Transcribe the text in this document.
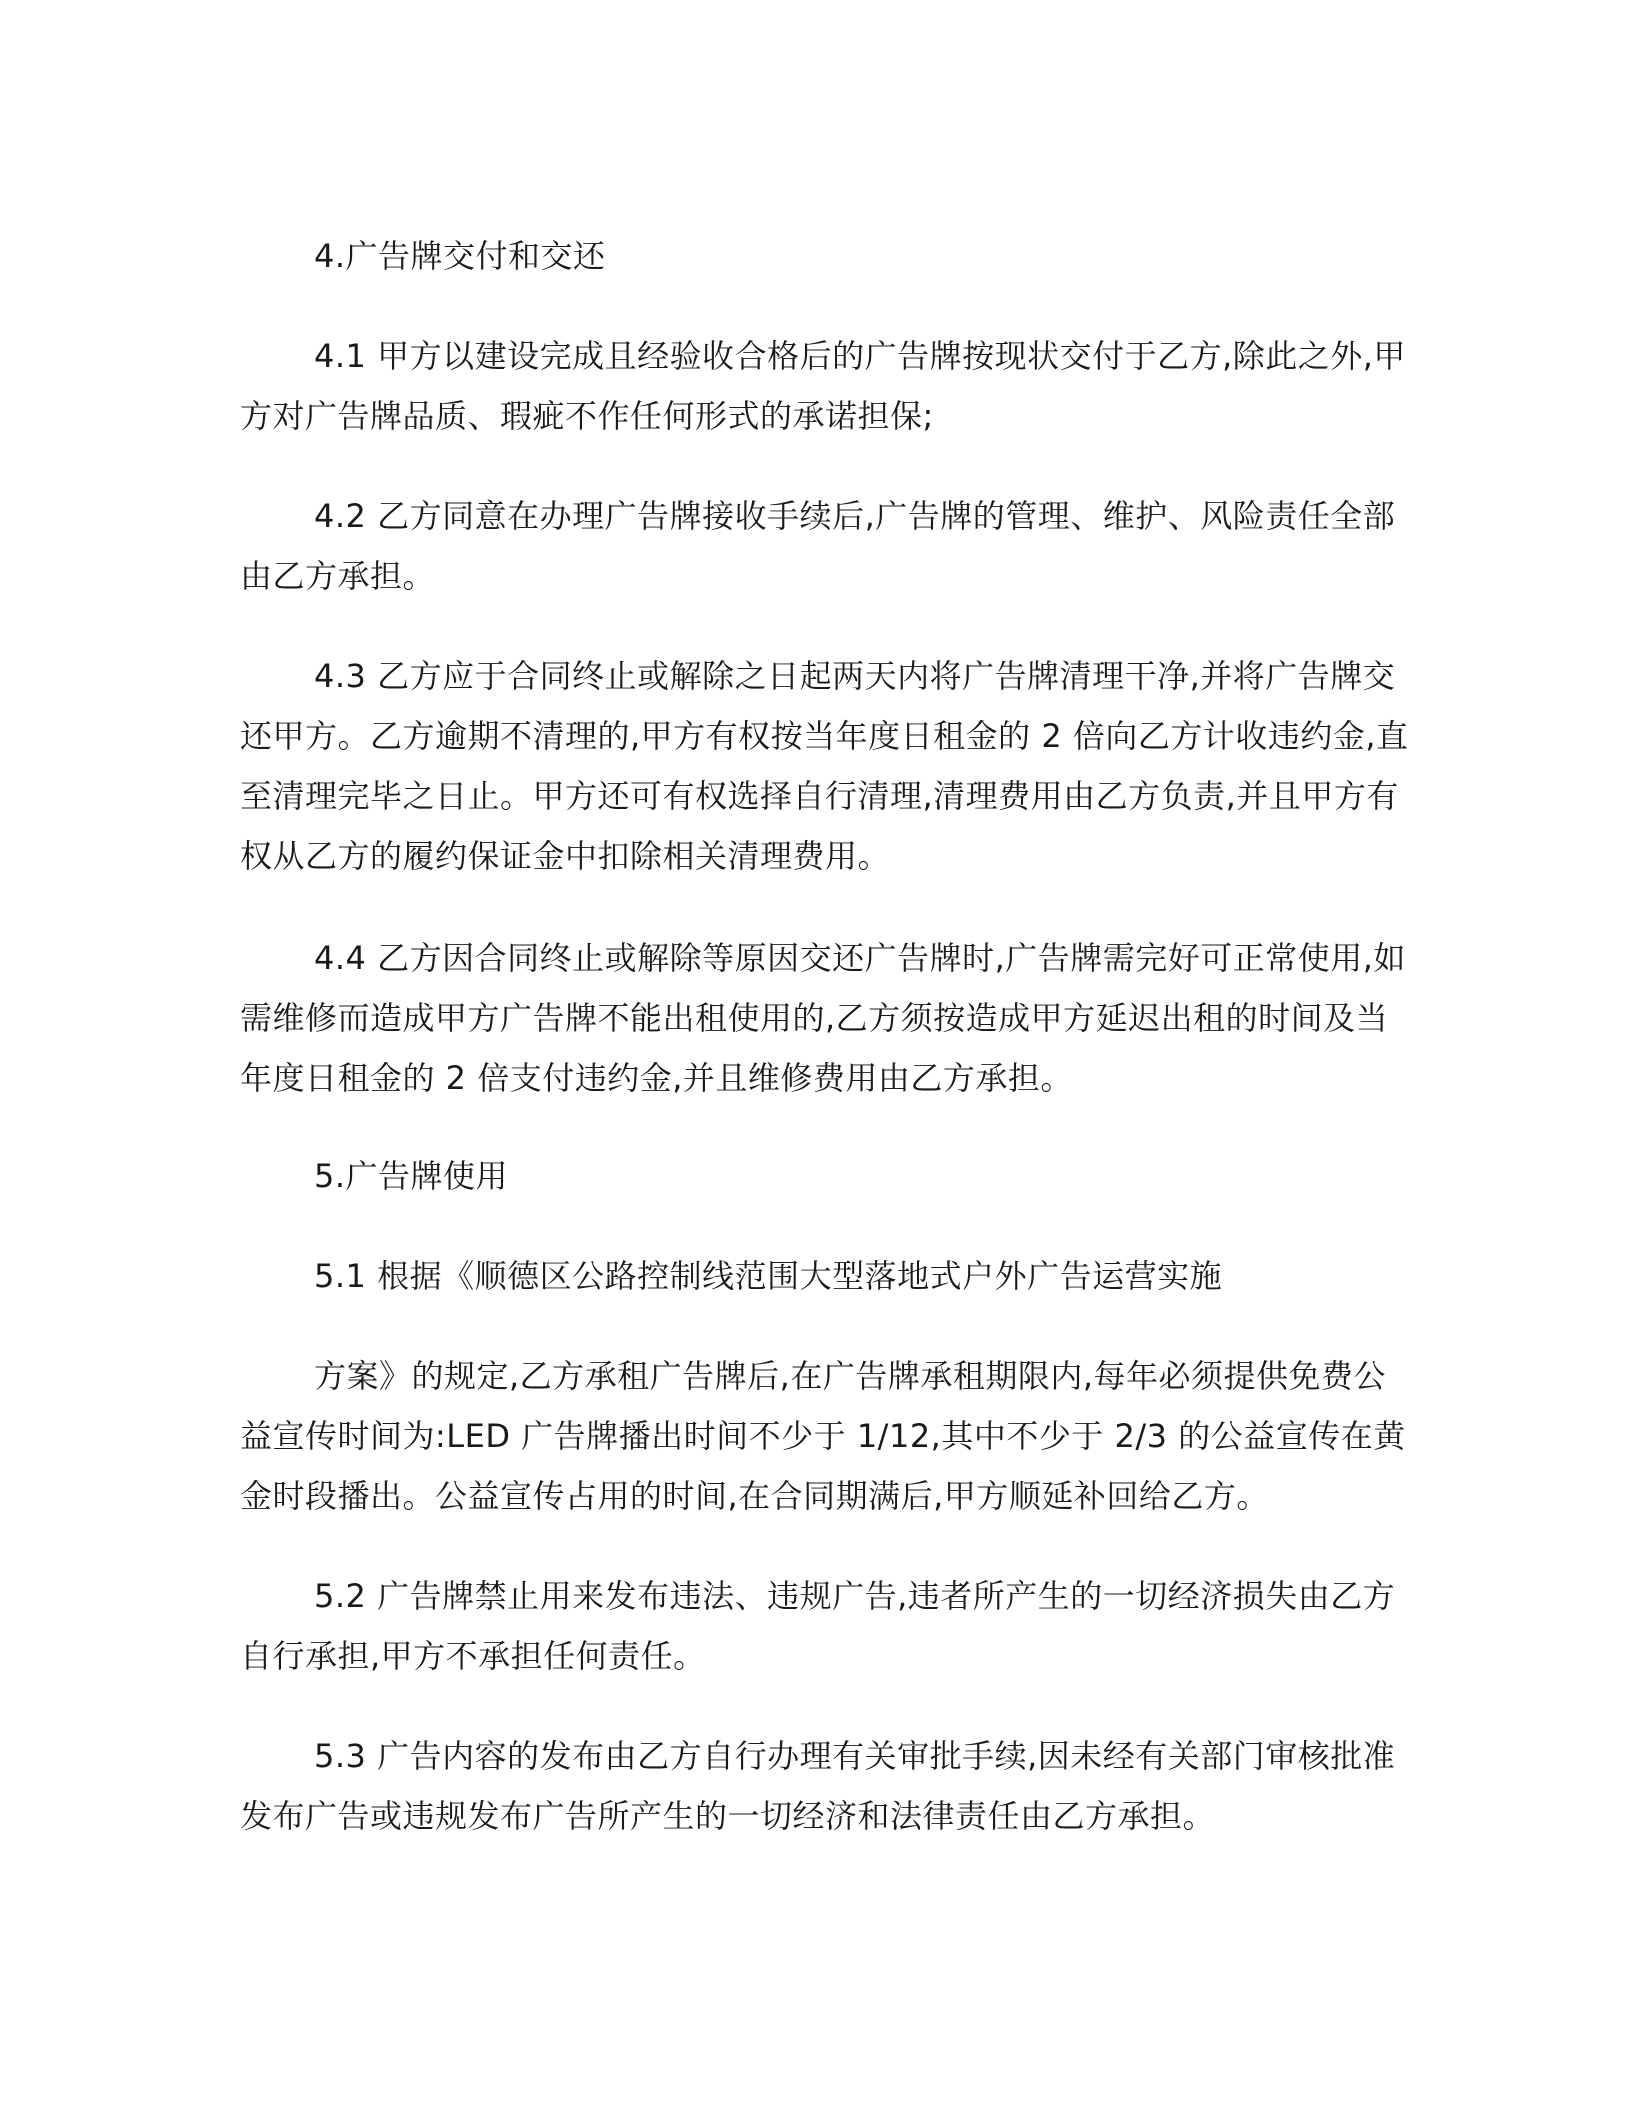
4.广告牌交付和交还
4.1 甲方以建设完成且经验收合格后的广告牌按现状交付于乙方,除此之外,甲
方对广告牌品质、瑕疵不作任何形式的承诺担保;
4.2 乙方同意在办理广告牌接收手续后,广告牌的管理、维护、风险责任全部
由乙方承担。
4.3 乙方应于合同终止或解除之日起两天内将广告牌清理干净,并将广告牌交
还甲方。乙方逾期不清理的,甲方有权按当年度日租金的 2 倍向乙方计收违约金,直
至清理完毕之日止。甲方还可有权选择自行清理,清理费用由乙方负责,并且甲方有
权从乙方的履约保证金中扣除相关清理费用。
4.4 乙方因合同终止或解除等原因交还广告牌时,广告牌需完好可正常使用,如
需维修而造成甲方广告牌不能出租使用的,乙方须按造成甲方延迟出租的时间及当
年度日租金的 2 倍支付违约金,并且维修费用由乙方承担。
5.广告牌使用
5.1 根据《顺德区公路控制线范围大型落地式户外广告运营实施
方案》的规定,乙方承租广告牌后,在广告牌承租期限内,每年必须提供免费公
益宣传时间为:LED 广告牌播出时间不少于 1/12,其中不少于 2/3 的公益宣传在黄
金时段播出。公益宣传占用的时间,在合同期满后,甲方顺延补回给乙方。
5.2 广告牌禁止用来发布违法、违规广告,违者所产生的一切经济损失由乙方
自行承担,甲方不承担任何责任。
5.3 广告内容的发布由乙方自行办理有关审批手续,因未经有关部门审核批准
发布广告或违规发布广告所产生的一切经济和法律责任由乙方承担。
